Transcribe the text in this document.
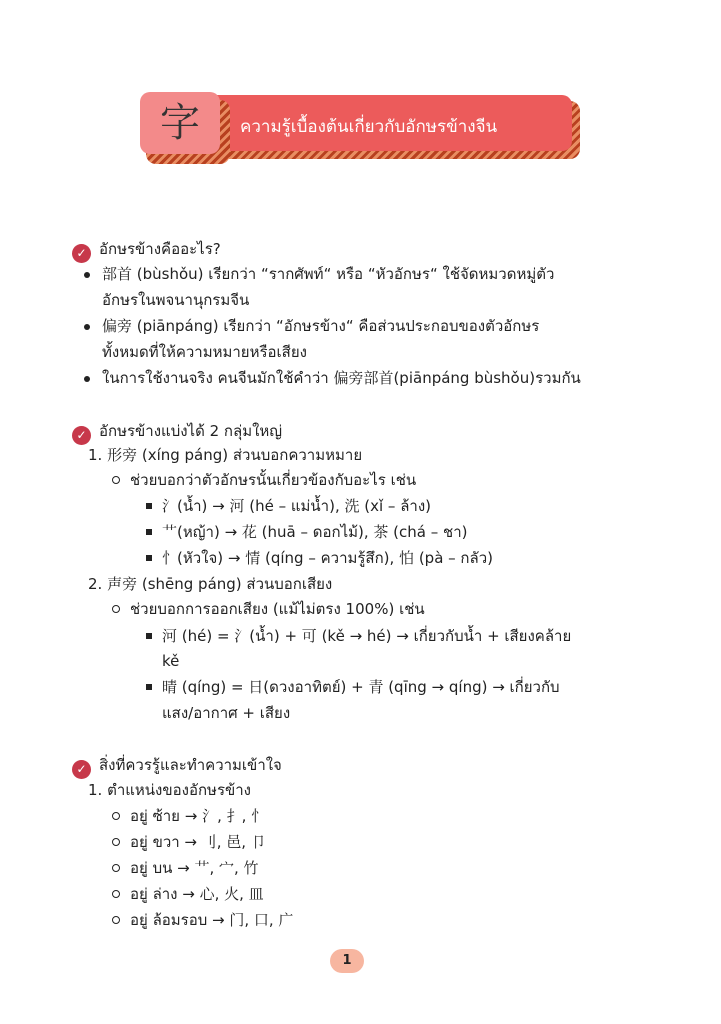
ความรู้เบื้องต้นเกี่ยวกับอักษรข้างจีน
字
✓ อักษรข้างคืออะไร?
部首 (bùshǒu) เรียกว่า “รากศัพท์“ หรือ “หัวอักษร“ ใช้จัดหมวดหมู่ตัว
อักษรในพจนานุกรมจีน
偏旁 (piānpáng) เรียกว่า “อักษรข้าง“ คือส่วนประกอบของตัวอักษร
ทั้งหมดที่ให้ความหมายหรือเสียง
ในการใช้งานจริง คนจีนมักใช้คำว่า 偏旁部首(piānpáng bùshǒu)รวมกัน
✓ อักษรข้างแบ่งได้ 2 กลุ่มใหญ่
1. 形旁 (xíng páng) ส่วนบอกความหมาย
ช่วยบอกว่าตัวอักษรนั้นเกี่ยวข้องกับอะไร เช่น
氵(น้ำ) → 河 (hé – แม่น้ำ), 洗 (xǐ – ล้าง)
艹(หญ้า) → 花 (huā – ดอกไม้), 茶 (chá – ชา)
忄(หัวใจ) → 情 (qíng – ความรู้สึก), 怕 (pà – กลัว)
2. 声旁 (shēng páng) ส่วนบอกเสียง
ช่วยบอกการออกเสียง (แม้ไม่ตรง 100%) เช่น
河 (hé) = 氵(น้ำ) + 可 (kě → hé) → เกี่ยวกับน้ำ + เสียงคล้าย
kě
晴 (qíng) = 日(ดวงอาทิตย์) + 青 (qīng → qíng) → เกี่ยวกับ
แสง/อากาศ + เสียง
✓ สิ่งที่ควรรู้และทำความเข้าใจ
1. ตำแหน่งของอักษรข้าง
อยู่ ซ้าย → 氵, 扌, 忄
อยู่ ขวา → 刂, 邑, 卩
อยู่ บน → 艹, 宀, 竹
อยู่ ล่าง → 心, 火, 皿
อยู่ ล้อมรอบ → 门, 口, 广
1
